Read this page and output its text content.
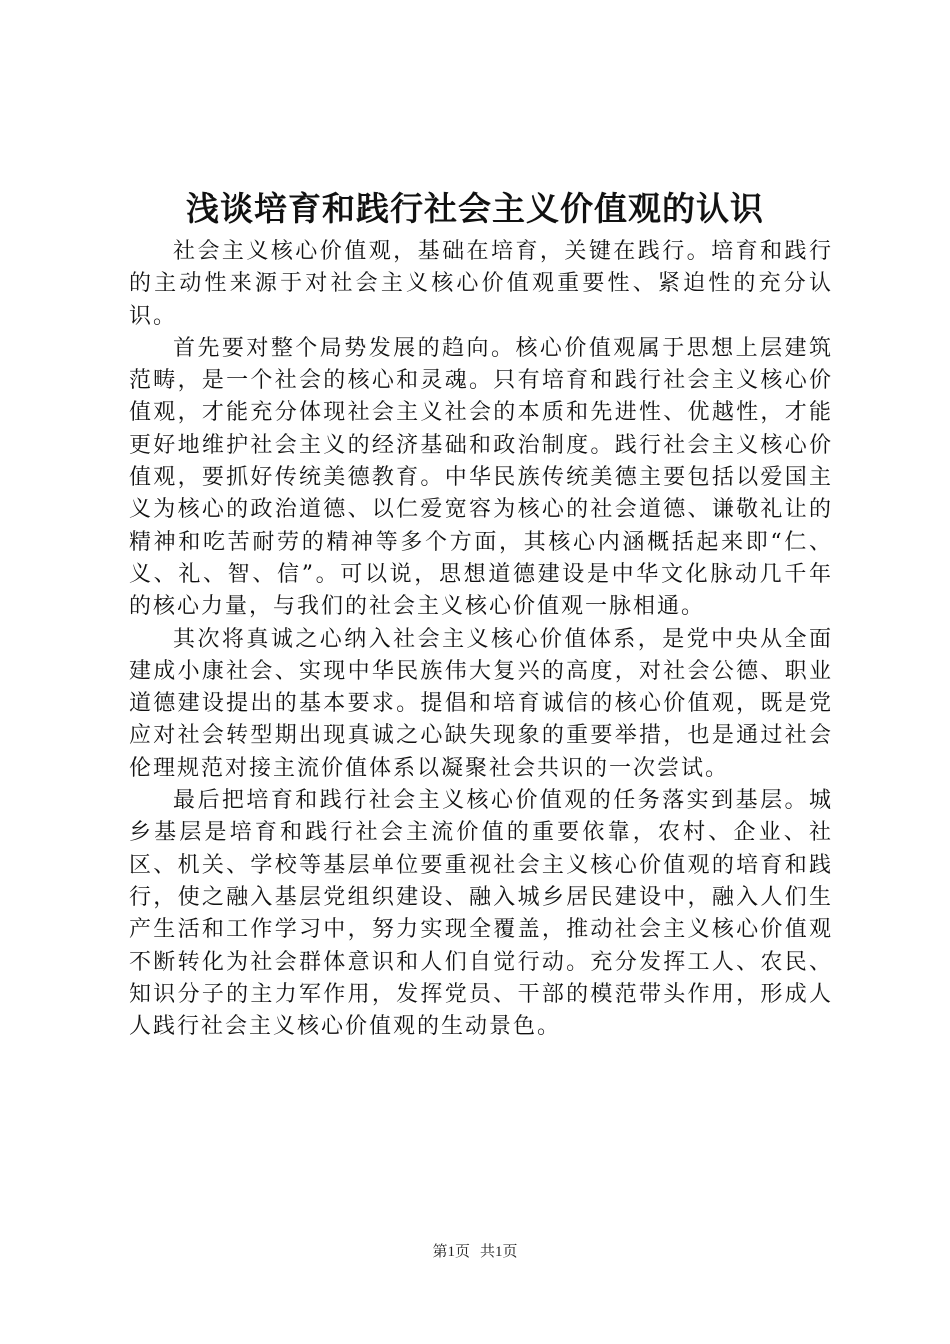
浅谈培育和践行社会主义价值观的认识

社会主义核心价值观，基础在培育，关键在践行。培育和践行的主动性来源于对社会主义核心价值观重要性、紧迫性的充分认识。

首先要对整个局势发展的趋向。核心价值观属于思想上层建筑范畴，是一个社会的核心和灵魂。只有培育和践行社会主义核心价值观，才能充分体现社会主义社会的本质和先进性、优越性，才能更好地维护社会主义的经济基础和政治制度。践行社会主义核心价值观，要抓好传统美德教育。中华民族传统美德主要包括以爱国主义为核心的政治道德、以仁爱宽容为核心的社会道德、谦敬礼让的精神和吃苦耐劳的精神等多个方面，其核心内涵概括起来即“仁、义、礼、智、信”。可以说，思想道德建设是中华文化脉动几千年的核心力量，与我们的社会主义核心价值观一脉相通。

其次将真诚之心纳入社会主义核心价值体系，是党中央从全面建成小康社会、实现中华民族伟大复兴的高度，对社会公德、职业道德建设提出的基本要求。提倡和培育诚信的核心价值观，既是党应对社会转型期出现真诚之心缺失现象的重要举措，也是通过社会伦理规范对接主流价值体系以凝聚社会共识的一次尝试。

最后把培育和践行社会主义核心价值观的任务落实到基层。城乡基层是培育和践行社会主流价值的重要依靠，农村、企业、社区、机关、学校等基层单位要重视社会主义核心价值观的培育和践行，使之融入基层党组织建设、融入城乡居民建设中，融入人们生产生活和工作学习中，努力实现全覆盖，推动社会主义核心价值观不断转化为社会群体意识和人们自觉行动。充分发挥工人、农民、知识分子的主力军作用，发挥党员、干部的模范带头作用，形成人人践行社会主义核心价值观的生动景色。

第1页 共1页
